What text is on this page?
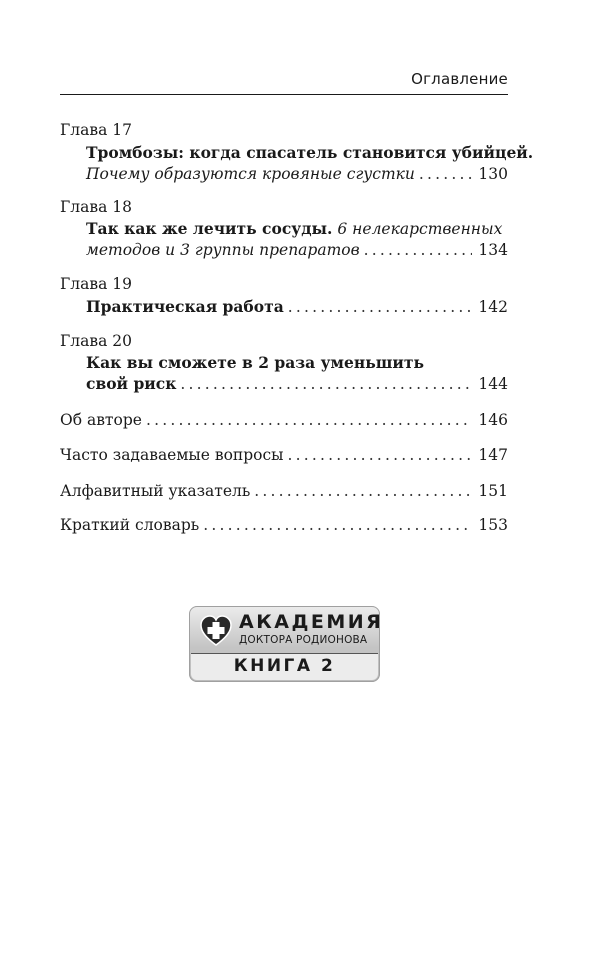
Оглавление
Глава 17
Тромбозы: когда спасатель становится убийцей.
Почему образуются кровяные сгустки .....	130
Глава 18
Так как же лечить сосуды. 6 нелекарственных
методов и 3 группы препаратов .....	134
Глава 19
Практическая работа .....	142
Глава 20
Как вы сможете в 2 раза уменьшить
свой риск .....	144
Об авторе .....	146
Часто задаваемые вопросы .....	147
Алфавитный указатель .....	151
Краткий словарь .....	153
АКАДЕМИЯ
ДОКТОРА РОДИОНОВА
КНИГА 2
